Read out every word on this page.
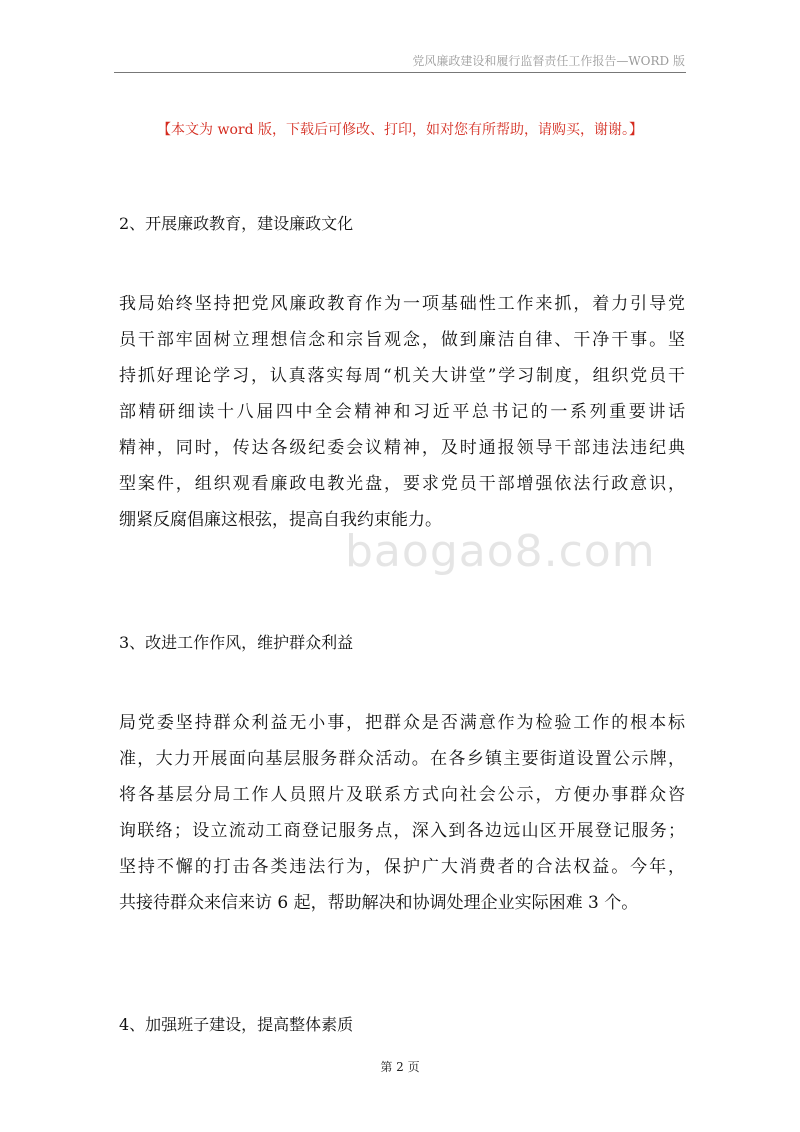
党风廉政建设和履行监督责任工作报告—WORD 版
【本文为 word 版，下载后可修改、打印，如对您有所帮助，请购买，谢谢。】
2、开展廉政教育，建设廉政文化
我局始终坚持把党风廉政教育作为一项基础性工作来抓，着力引导党
员干部牢固树立理想信念和宗旨观念，做到廉洁自律、干净干事。坚
持抓好理论学习，认真落实每周“机关大讲堂”学习制度，组织党员干
部精研细读十八届四中全会精神和习近平总书记的一系列重要讲话
精神，同时，传达各级纪委会议精神，及时通报领导干部违法违纪典
型案件，组织观看廉政电教光盘，要求党员干部增强依法行政意识，
绷紧反腐倡廉这根弦，提高自我约束能力。
3、改进工作作风，维护群众利益
局党委坚持群众利益无小事，把群众是否满意作为检验工作的根本标
准，大力开展面向基层服务群众活动。在各乡镇主要街道设置公示牌，
将各基层分局工作人员照片及联系方式向社会公示，方便办事群众咨
询联络；设立流动工商登记服务点，深入到各边远山区开展登记服务；
坚持不懈的打击各类违法行为，保护广大消费者的合法权益。今年，
共接待群众来信来访 6 起，帮助解决和协调处理企业实际困难 3 个。
4、加强班子建设，提高整体素质
baogao8.com
第 2 页
